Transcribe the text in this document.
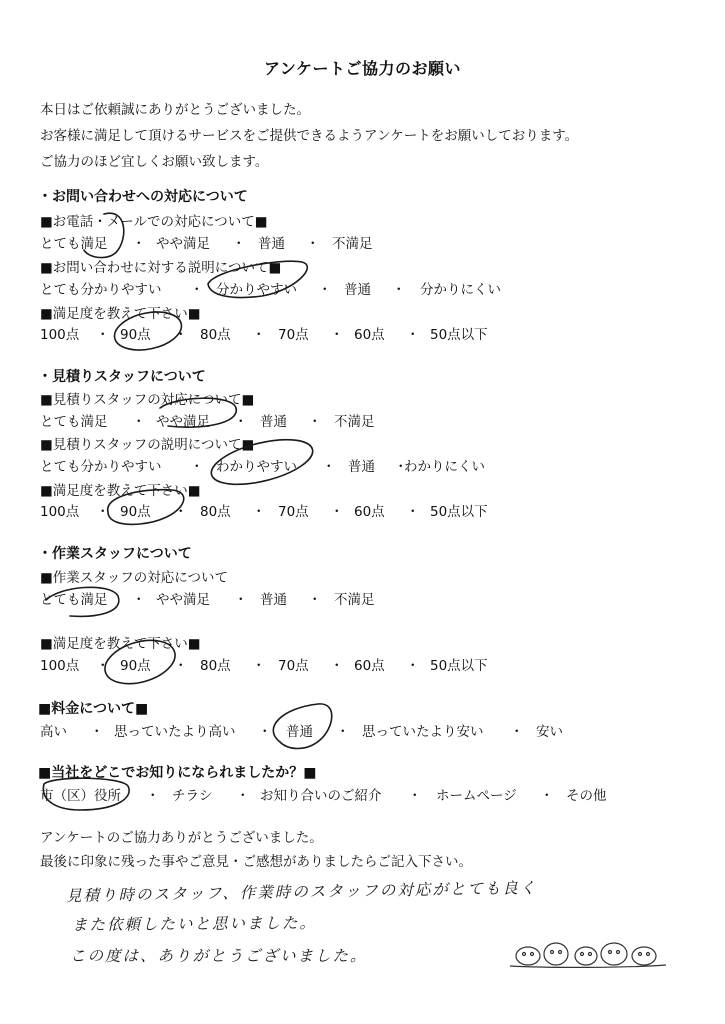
アンケートご協力のお願い
本日はご依頼誠にありがとうございました。
お客様に満足して頂けるサービスをご提供できるようアンケートをお願いしております。
ご協力のほど宜しくお願い致します。
・お問い合わせへの対応について
■お電話・メールでの対応について■
とても満足 ・ やや満足 ・ 普通 ・ 不満足
■お問い合わせに対する説明について■
とても分かりやすい ・ 分かりやすい ・ 普通 ・ 分かりにくい
■満足度を教えて下さい■
100点 ・ 90点 ・ 80点 ・ 70点 ・ 60点 ・ 50点以下
・見積りスタッフについて
■見積りスタッフの対応について■
とても満足 ・ やや満足 ・ 普通 ・ 不満足
■見積りスタッフの説明について■
とても分かりやすい ・ わかりやすい ・ 普通 ・
わかりにくい
■満足度を教えて下さい■
100点 ・ 90点 ・ 80点 ・ 70点 ・ 60点 ・ 50点以下
・作業スタッフについて
■作業スタッフの対応について
とても満足 ・ やや満足 ・ 普通 ・ 不満足
■満足度を教えて下さい■
100点 ・ 90点 ・ 80点 ・ 70点 ・ 60点 ・ 50点以下
■料金について■
高い ・ 思っていたより高い ・ 普通 ・ 思っていたより安い ・ 安い
■当社をどこでお知りになられましたか？■
市（区）役所 ・ チラシ ・ お知り合いのご紹介 ・ ホームページ ・ その他
アンケートのご協力ありがとうございました。
最後に印象に残った事やご意見・ご感想がありましたらご記入下さい。
見積り時のスタッフ、作業時のスタッフの対応がとても良く
また依頼したいと思いました。
この度は、ありがとうございました。
